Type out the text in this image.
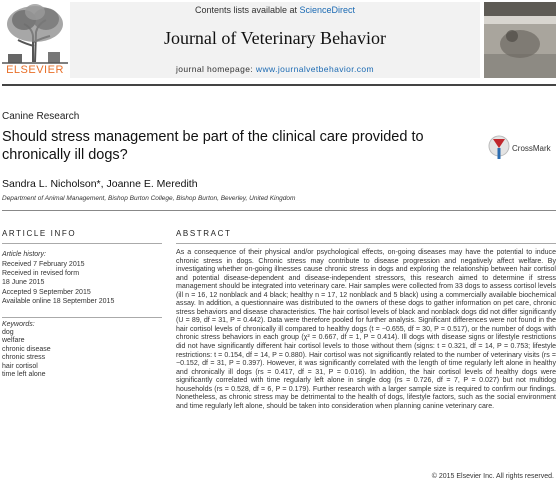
ELSEVIER
Contents lists available at ScienceDirect
Journal of Veterinary Behavior
journal homepage: www.journalvetbehavior.com
Canine Research
Should stress management be part of the clinical care provided to chronically ill dogs?	CrossMark
Sandra L. Nicholson*, Joanne E. Meredith
Department of Animal Management, Bishop Burton College, Bishop Burton, Beverley, United Kingdom
ARTICLE INFO
Article history:
Received 7 February 2015
Received in revised form
18 June 2015
Accepted 9 September 2015
Available online 18 September 2015
Keywords:
dog
welfare
chronic disease
chronic stress
hair cortisol
time left alone
ABSTRACT

As a consequence of their physical and/or psychological effects, on-going diseases may have the potential to induce chronic stress in dogs. Chronic stress may contribute to disease progression and negatively affect welfare. By investigating whether on-going illnesses cause chronic stress in dogs and exploring the relationship between hair cortisol and potential disease-dependent and disease-independent stressors, this research aimed to determine if stress management should be integrated into veterinary care. Hair samples were collected from 33 dogs to assess cortisol levels (ill n = 16, 12 nonblack and 4 black; healthy n = 17, 12 nonblack and 5 black) using a commercially available biochemical assay. In addition, a questionnaire was distributed to the owners of these dogs to gather information on pet care, chronic stress behaviors and disease characteristics. The hair cortisol levels of black and nonblack dogs did not differ significantly (U = 89, df = 31, P = 0.442). Data were therefore pooled for further analysis. Significant differences were not found in the hair cortisol levels of chronically ill compared to healthy dogs (t = −0.655, df = 30, P = 0.517), or the number of dogs with chronic stress behaviors in each group (χ² = 0.667, df = 1, P = 0.414). Ill dogs with disease signs or lifestyle restrictions did not have significantly different hair cortisol levels to those without them (signs: t = 0.321, df = 14, P = 0.753; lifestyle restrictions: t = 0.154, df = 14, P = 0.880). Hair cortisol was not significantly related to the number of veterinary visits (rs = −0.152, df = 31, P = 0.397). However, it was significantly correlated with the length of time regularly left alone in healthy and chronically ill dogs (rs = 0.417, df = 31, P = 0.016). In addition, the hair cortisol levels of healthy dogs were significantly correlated with time regularly left alone in single dog (rs = 0.726, df = 7, P = 0.027) but not multidog households (rs = 0.528, df = 6, P = 0.179). Further research with a larger sample size is required to confirm our findings. Nonetheless, as chronic stress may be detrimental to the health of dogs, lifestyle factors, such as the social environment and time regularly left alone, should be taken into consideration when planning canine veterinary care.

© 2015 Elsevier Inc. All rights reserved.
